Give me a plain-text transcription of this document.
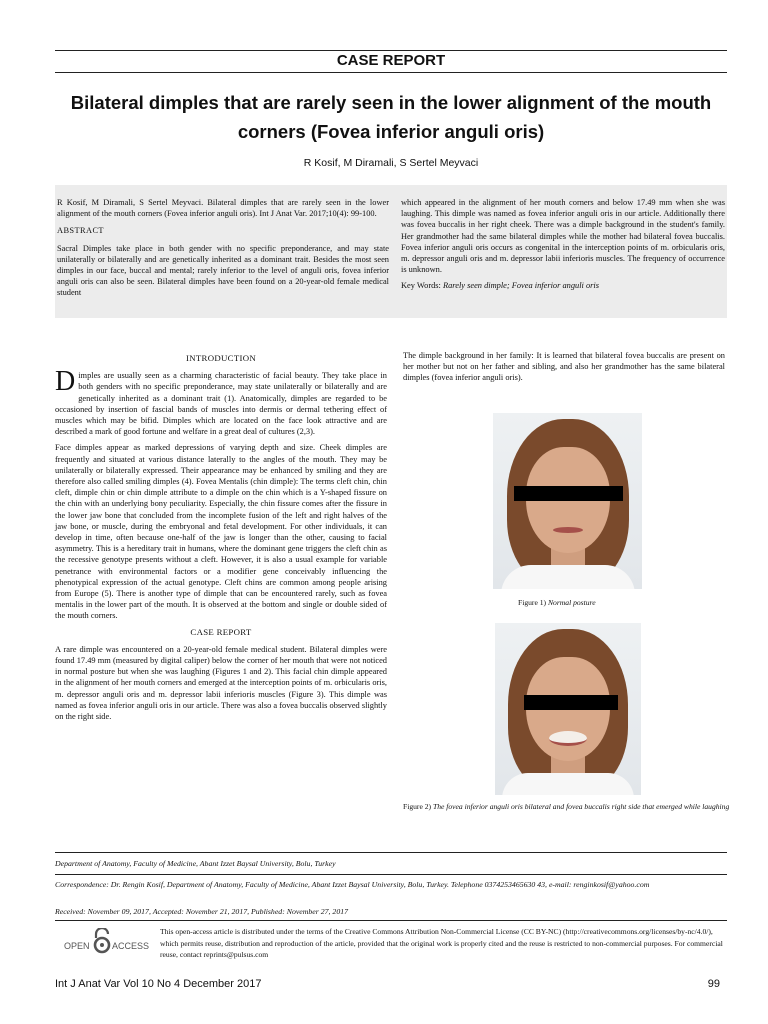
CASE REPORT
Bilateral dimples that are rarely seen in the lower alignment of the mouth corners (Fovea inferior anguli oris)
R Kosif, M Diramali, S Sertel Meyvaci

R Kosif, M Diramali, S Sertel Meyvaci. Bilateral dimples that are rarely seen in the lower alignment of the mouth corners (Fovea inferior anguli oris). Int J Anat Var. 2017;10(4): 99-100.

ABSTRACT

Sacral Dimples take place in both gender with no specific preponderance, and may state unilaterally or bilaterally and are genetically inherited as a dominant trait. Besides the most seen dimples in our face, buccal and mental; rarely inferior to the level of anguli oris, fovea inferior anguli oris can also be seen. Bilateral dimples have been found on a 20-year-old female medical student

which appeared in the alignment of her mouth corners and below 17.49 mm when she was laughing. This dimple was named as fovea inferior anguli oris in our article. Additionally there was fovea buccalis in her right cheek. There was a dimple background in the student's family. Her grandmother had the same bilateral dimples while the mother had bilateral fovea buccalis. Fovea inferior anguli oris occurs as congenital in the interception points of m. orbicularis oris, m. depressor anguli oris and m. depressor labii inferioris muscles. The frequency of occurrence is unknown.

Key Words: Rarely seen dimple; Fovea inferior anguli oris

INTRODUCTION

Dimples are usually seen as a charming characteristic of facial beauty. They take place in both genders with no specific preponderance, may state unilaterally or bilaterally and are genetically inherited as a dominant trait (1). Anatomically, dimples are regarded to be occasioned by insertion of fascial bands of muscles into dermis or dermal tethering effect of muscles which may be bifid. Dimples which are located on the face look attractive and are described a mark of good fortune and welfare in a great deal of cultures (2,3).

Face dimples appear as marked depressions of varying depth and size. Cheek dimples are frequently and situated at various distance laterally to the angles of the mouth. They may be unilaterally or bilaterally expressed. Their appearance may be enhanced by smiling and they are therefore also called smiling dimples (4). Fovea Mentalis (chin dimple): The terms cleft chin, chin cleft, dimple chin or chin dimple attribute to a dimple on the chin which is a Y-shaped fissure on the chin with an underlying bony peculiarity. Especially, the chin fissure comes after the fissure in the lower jaw bone that concluded from the incomplete fusion of the left and right halves of the jaw bone, or muscle, during the embryonal and fetal development. For other individuals, it can develop in time, often because one-half of the jaw is longer than the other, causing to facial asymmetry. This is a hereditary trait in humans, where the dominant gene triggers the cleft chin as the recessive genotype presents without a cleft. However, it is also a usual example for variable penetrance with environmental factors or a modifier gene conceivably influencing the phenotypical expression of the actual genotype. Cleft chins are common among people arising from Europe (5). There is another type of dimple that can be encountered rarely, such as fovea mentalis in the lower part of the mouth. It is observed at the bottom and single or double sided of the mouth corners.

CASE REPORT

A rare dimple was encountered on a 20-year-old female medical student. Bilateral dimples were found 17.49 mm (measured by digital caliper) below the corner of her mouth that were not noticed in normal posture but when she was laughing (Figures 1 and 2). This facial chin dimple appeared in the alignment of her mouth corners and emerged at the interception points of m. orbicularis oris, m. depressor anguli oris and m. depressor labii inferioris muscles (Figure 3). This dimple was named as fovea inferior anguli oris in our article. There was also a fovea buccalis observed slightly on the right side.

The dimple background in her family: It is learned that bilateral fovea buccalis are present on her mother but not on her father and sibling, and also her grandmother has the same bilateral dimples (fovea inferior anguli oris).

Figure 1) Normal posture
Figure 2) The fovea inferior anguli oris bilateral and fovea buccalis right side that emerged while laughing
Department of Anatomy, Faculty of Medicine, Abant Izzet Baysal University, Bolu, Turkey
Correspondence: Dr. Rengin Kosif, Department of Anatomy, Faculty of Medicine, Abant Izzet Baysal University, Bolu, Turkey. Telephone 0374253465630 43, e-mail: renginkosif@yahoo.com
Received: November 09, 2017, Accepted: November 21, 2017, Published: November 27, 2017
OPEN ACCESS
This open-access article is distributed under the terms of the Creative Commons Attribution Non-Commercial License (CC BY-NC) (http://creativecommons.org/licenses/by-nc/4.0/), which permits reuse, distribution and reproduction of the article, provided that the original work is properly cited and the reuse is restricted to non-commercial purposes. For commercial reuse, contact reprints@pulsus.com
Int J Anat Var Vol 10 No 4 December 2017	99
